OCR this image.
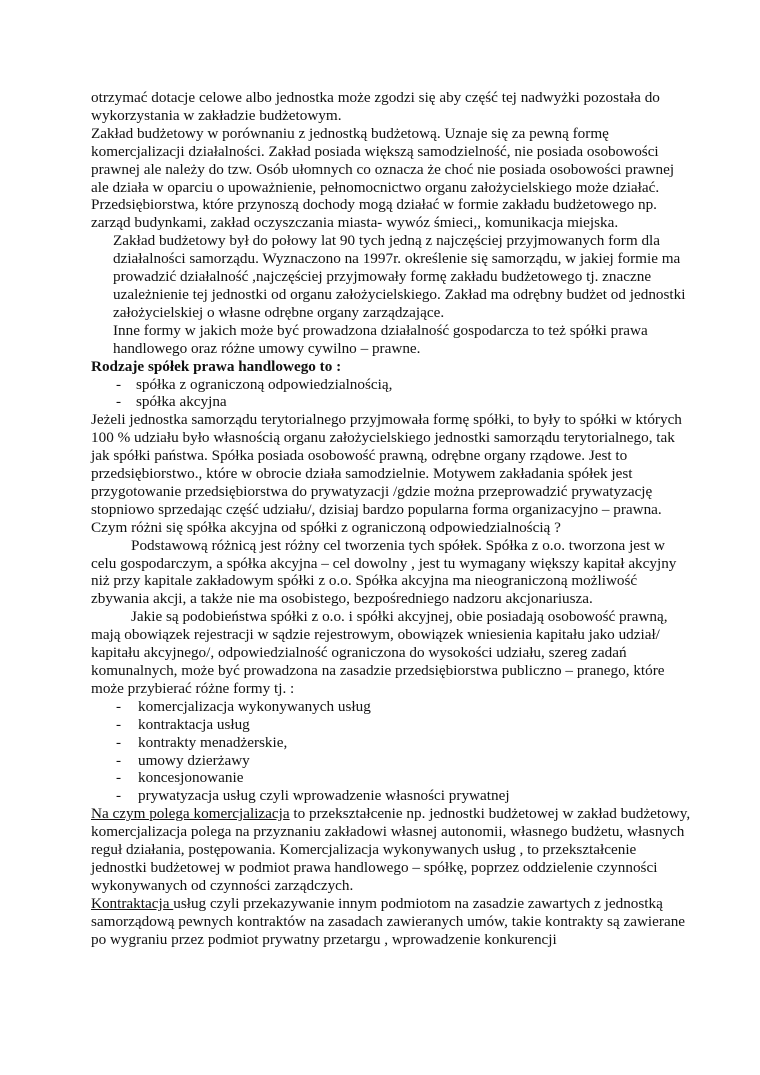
otrzymać dotacje celowe albo jednostka może zgodzi się aby część tej nadwyżki pozostała do wykorzystania w zakładzie budżetowym.

Zakład budżetowy w porównaniu z jednostką budżetową. Uznaje się za pewną formę komercjalizacji działalności. Zakład posiada większą samodzielność, nie posiada osobowości prawnej ale należy do tzw. Osób ułomnych co oznacza że choć nie posiada osobowości prawnej ale działa w oparciu o upoważnienie, pełnomocnictwo organu założycielskiego może działać. Przedsiębiorstwa, które przynoszą dochody mogą działać w formie zakładu budżetowego np. zarząd budynkami, zakład oczyszczania miasta- wywóz śmieci,, komunikacja miejska.

Zakład budżetowy był do połowy lat 90 tych jedną z najczęściej przyjmowanych form dla działalności samorządu. Wyznaczono na 1997r. określenie się samorządu, w jakiej formie ma prowadzić działalność ,najczęściej przyjmowały formę zakładu budżetowego tj. znaczne uzależnienie tej jednostki od organu założycielskiego. Zakład ma odrębny budżet od jednostki założycielskiej o własne odrębne organy zarządzające.

Inne formy w jakich może być prowadzona działalność gospodarcza to też spółki prawa handlowego oraz różne umowy cywilno – prawne.

Rodzaje spółek prawa handlowego to :

- spółka z ograniczoną odpowiedzialnością,
- spółka akcyjna

Jeżeli jednostka samorządu terytorialnego przyjmowała formę spółki, to były to spółki w których 100 % udziału było własnością organu założycielskiego jednostki samorządu terytorialnego, tak jak spółki państwa. Spółka posiada osobowość prawną, odrębne organy rządowe. Jest to przedsiębiorstwo., które w obrocie działa samodzielnie. Motywem zakładania spółek jest przygotowanie przedsiębiorstwa do prywatyzacji /gdzie można przeprowadzić prywatyzację stopniowo sprzedając część udziału/, dzisiaj bardzo popularna forma organizacyjno – prawna.

Czym różni się spółka akcyjna od spółki z ograniczoną odpowiedzialnością ?

Podstawową różnicą jest różny cel tworzenia tych spółek. Spółka z o.o. tworzona jest w celu gospodarczym, a spółka akcyjna – cel dowolny , jest tu wymagany większy kapitał akcyjny niż przy kapitale zakładowym spółki z o.o. Spółka akcyjna ma nieograniczoną możliwość zbywania akcji, a także nie ma osobistego, bezpośredniego nadzoru akcjonariusza.

Jakie są podobieństwa spółki z o.o. i spółki akcyjnej, obie posiadają osobowość prawną, mają obowiązek rejestracji w sądzie rejestrowym, obowiązek wniesienia kapitału jako udział/ kapitału akcyjnego/, odpowiedzialność ograniczona do wysokości udziału, szereg zadań komunalnych, może być prowadzona na zasadzie przedsiębiorstwa publiczno – pranego, które może przybierać różne formy tj. :

- komercjalizacja wykonywanych usług
- kontraktacja usług
- kontrakty menadżerskie,
- umowy dzierżawy
- koncesjonowanie
- prywatyzacja usług czyli wprowadzenie własności prywatnej

Na czym polega komercjalizacja to przekształcenie np. jednostki budżetowej w zakład budżetowy, komercjalizacja polega na przyznaniu zakładowi własnej autonomii, własnego budżetu, własnych reguł działania, postępowania. Komercjalizacja wykonywanych usług , to przekształcenie jednostki budżetowej w podmiot prawa handlowego – spółkę, poprzez oddzielenie czynności wykonywanych od czynności zarządczych.

Kontraktacja usług czyli przekazywanie innym podmiotom na zasadzie zawartych z jednostką samorządową pewnych kontraktów na zasadach zawieranych umów, takie kontrakty są zawierane po wygraniu przez podmiot prywatny przetargu , wprowadzenie konkurencji
